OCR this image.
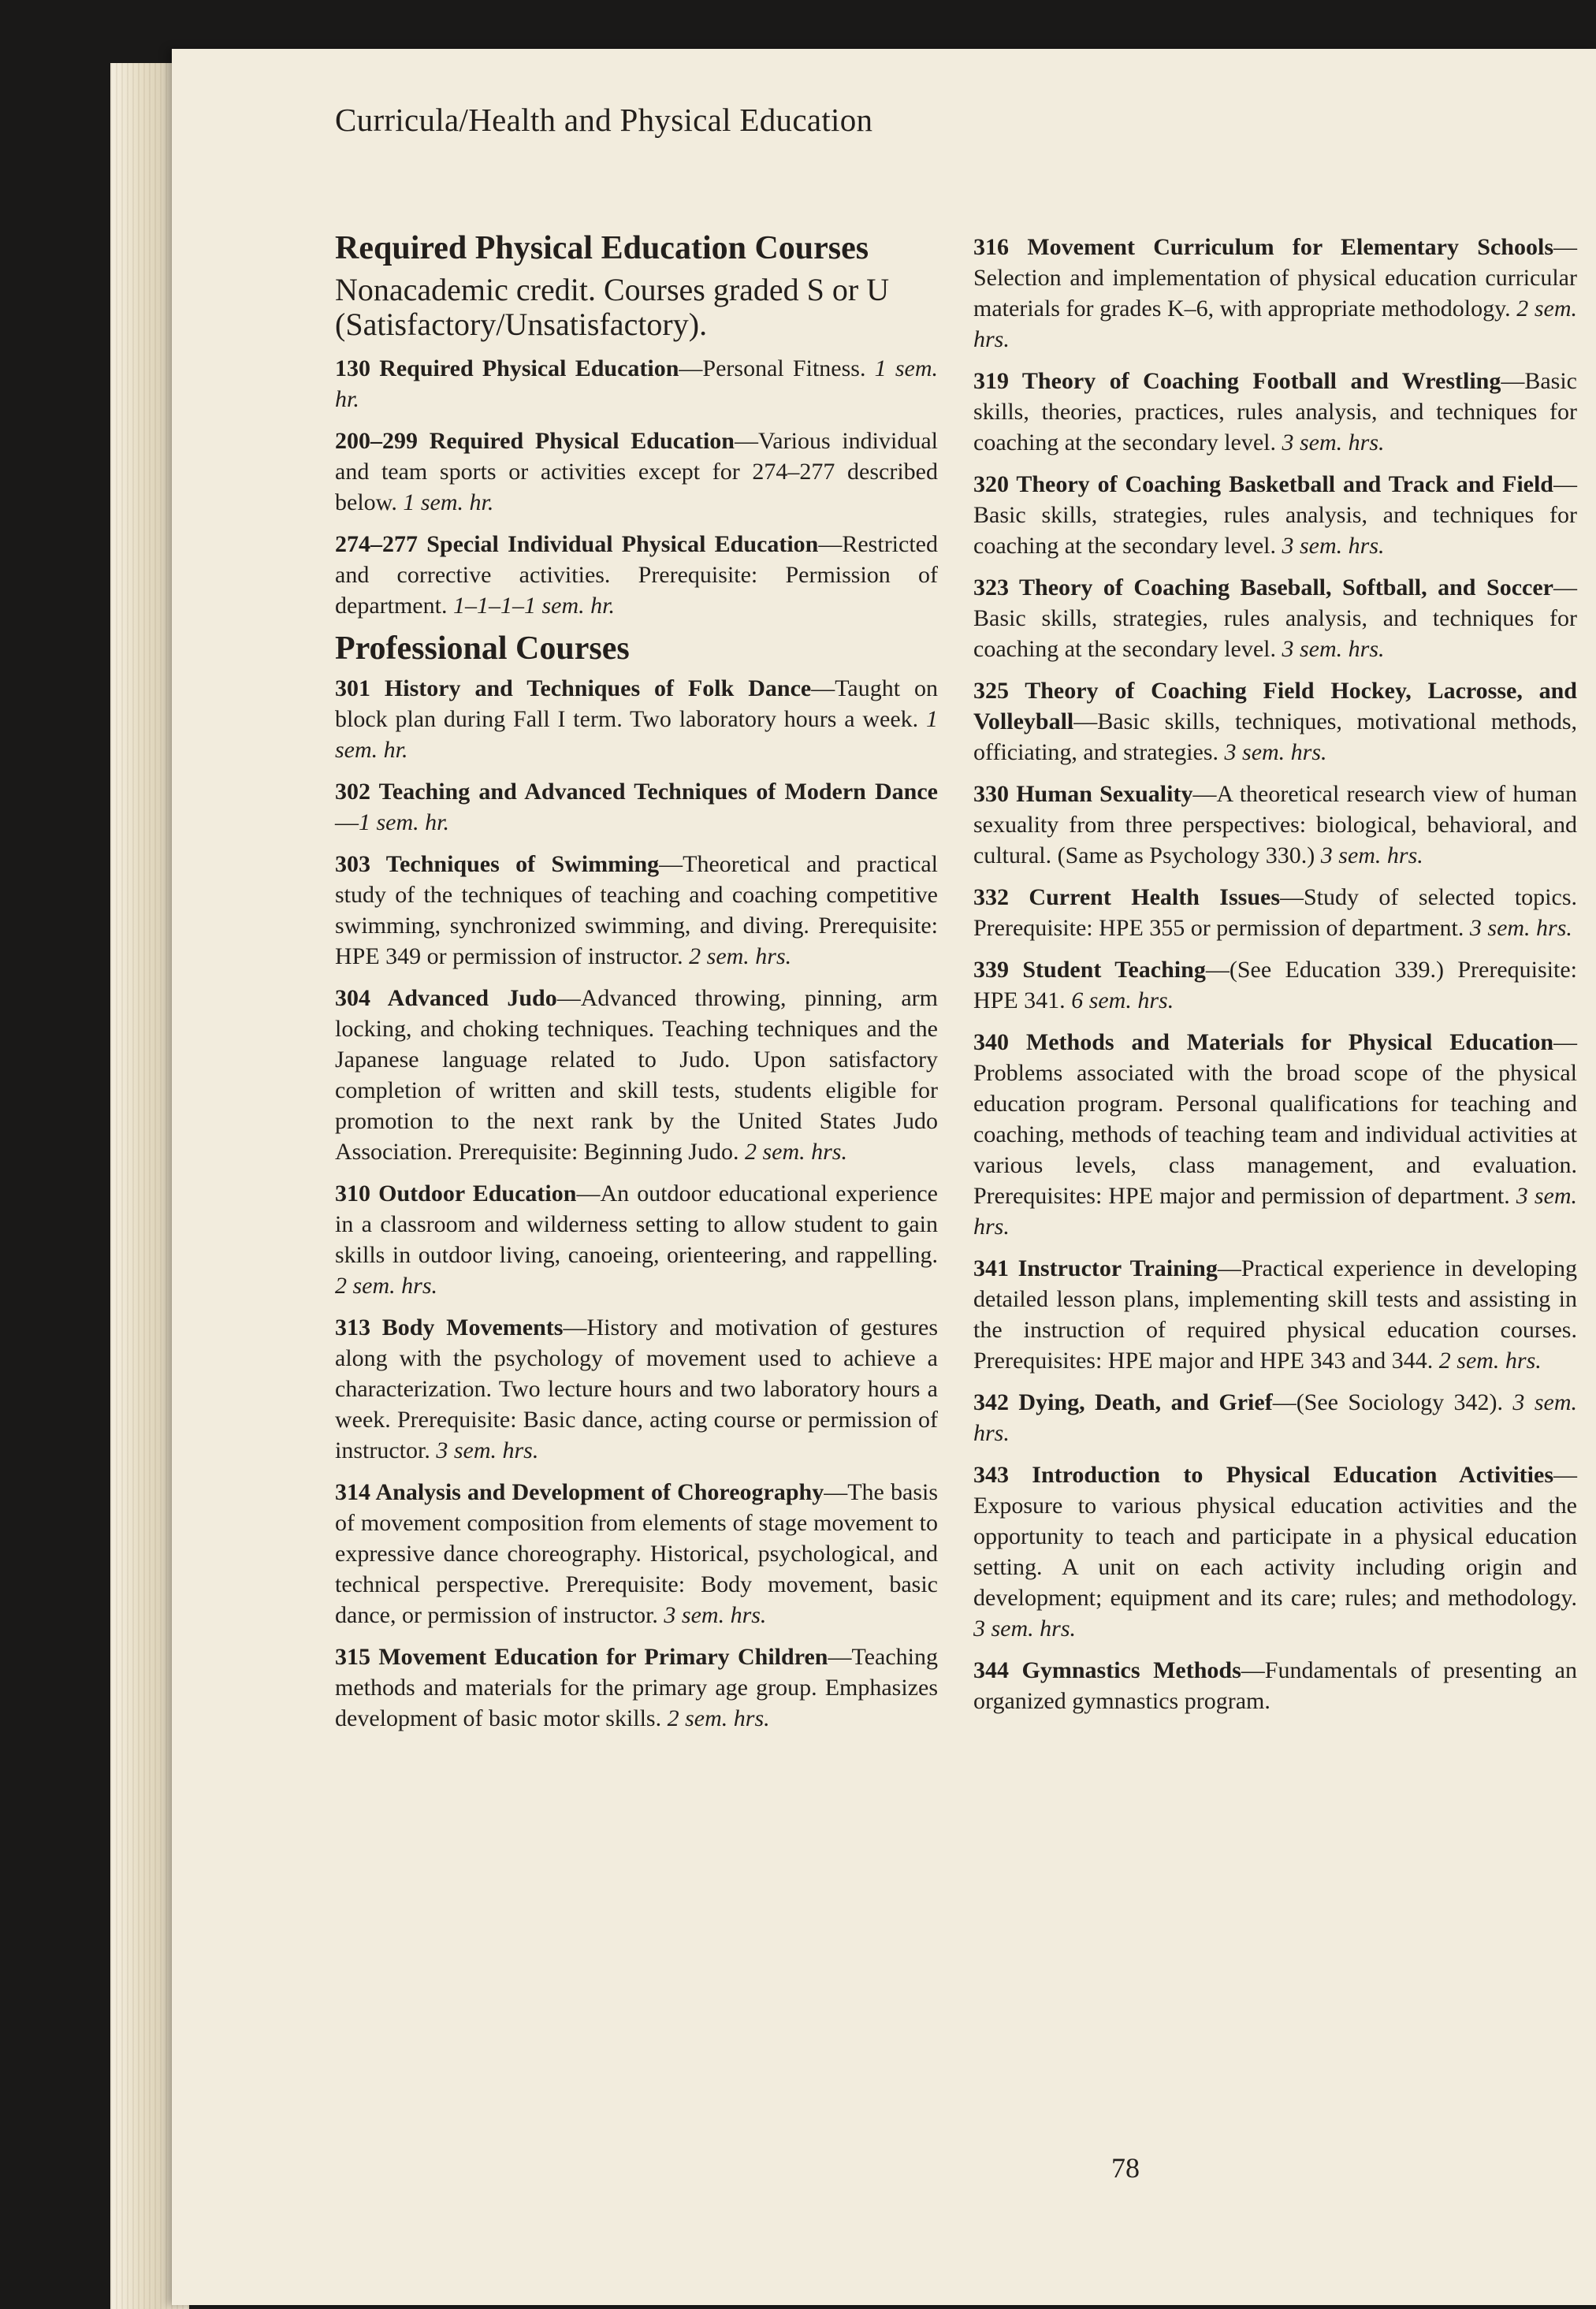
Curricula/Health and Physical Education
Required Physical Education Courses
Nonacademic credit. Courses graded S or U (Satisfactory/Unsatisfactory).

130 Required Physical Education—Personal Fitness. 1 sem. hr.

200–299 Required Physical Education—Various individual and team sports or activities except for 274–277 described below. 1 sem. hr.

274–277 Special Individual Physical Education—Restricted and corrective activities. Prerequisite: Permission of department. 1–1–1–1 sem. hr.

Professional Courses

301 History and Techniques of Folk Dance—Taught on block plan during Fall I term. Two laboratory hours a week. 1 sem. hr.

302 Teaching and Advanced Techniques of Modern Dance—1 sem. hr.

303 Techniques of Swimming—Theoretical and practical study of the techniques of teaching and coaching competitive swimming, synchronized swimming, and diving. Prerequisite: HPE 349 or permission of instructor. 2 sem. hrs.

304 Advanced Judo—Advanced throwing, pinning, arm locking, and choking techniques. Teaching techniques and the Japanese language related to Judo. Upon satisfactory completion of written and skill tests, students eligible for promotion to the next rank by the United States Judo Association. Prerequisite: Beginning Judo. 2 sem. hrs.

310 Outdoor Education—An outdoor educational experience in a classroom and wilderness setting to allow student to gain skills in outdoor living, canoeing, orienteering, and rappelling. 2 sem. hrs.

313 Body Movements—History and motivation of gestures along with the psychology of movement used to achieve a characterization. Two lecture hours and two laboratory hours a week. Prerequisite: Basic dance, acting course or permission of instructor. 3 sem. hrs.

314 Analysis and Development of Choreography—The basis of movement composition from elements of stage movement to expressive dance choreography. Historical, psychological, and technical perspective. Prerequisite: Body movement, basic dance, or permission of instructor. 3 sem. hrs.

315 Movement Education for Primary Children—Teaching methods and materials for the primary age group. Emphasizes development of basic motor skills. 2 sem. hrs.

316 Movement Curriculum for Elementary Schools—Selection and implementation of physical education curricular materials for grades K–6, with appropriate methodology. 2 sem. hrs.

319 Theory of Coaching Football and Wrestling—Basic skills, theories, practices, rules analysis, and techniques for coaching at the secondary level. 3 sem. hrs.

320 Theory of Coaching Basketball and Track and Field—Basic skills, strategies, rules analysis, and techniques for coaching at the secondary level. 3 sem. hrs.

323 Theory of Coaching Baseball, Softball, and Soccer—Basic skills, strategies, rules analysis, and techniques for coaching at the secondary level. 3 sem. hrs.

325 Theory of Coaching Field Hockey, Lacrosse, and Volleyball—Basic skills, techniques, motivational methods, officiating, and strategies. 3 sem. hrs.

330 Human Sexuality—A theoretical research view of human sexuality from three perspectives: biological, behavioral, and cultural. (Same as Psychology 330.) 3 sem. hrs.

332 Current Health Issues—Study of selected topics. Prerequisite: HPE 355 or permission of department. 3 sem. hrs.

339 Student Teaching—(See Education 339.) Prerequisite: HPE 341. 6 sem. hrs.

340 Methods and Materials for Physical Education—Problems associated with the broad scope of the physical education program. Personal qualifications for teaching and coaching, methods of teaching team and individual activities at various levels, class management, and evaluation. Prerequisites: HPE major and permission of department. 3 sem. hrs.

341 Instructor Training—Practical experience in developing detailed lesson plans, implementing skill tests and assisting in the instruction of required physical education courses. Prerequisites: HPE major and HPE 343 and 344. 2 sem. hrs.

342 Dying, Death, and Grief—(See Sociology 342). 3 sem. hrs.

343 Introduction to Physical Education Activities—Exposure to various physical education activities and the opportunity to teach and participate in a physical education setting. A unit on each activity including origin and development; equipment and its care; rules; and methodology. 3 sem. hrs.

344 Gymnastics Methods—Fundamentals of presenting an organized gymnastics program.

78
